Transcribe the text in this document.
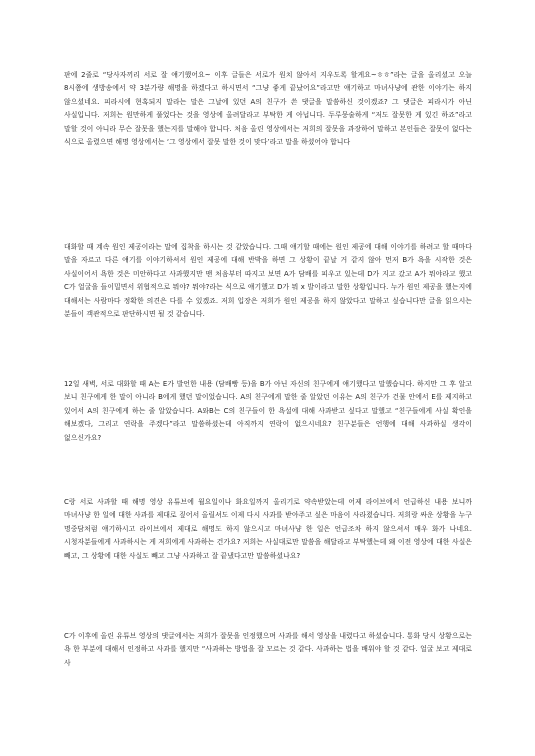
판에 2줄로 “당사자끼리 서로 잘 얘기했어요~ 이후 글들은 서로가 원치 않아서 지우도록 할게요~ㅎㅎ”라는 글을 올리셨고 오늘 8시쯤에 생방송에서 약 3분가량 해명을 하겠다고 하시면서 “그냥 좋게 끝났어요”라고만 얘기하고 마녀사냥에 관한 이야기는 하지 않으셨네요. 피라시에 현혹되지 말라는 말은 그날에 있던 A의 친구가 쓴 댓글을 말씀하신 것이겠죠? 그 댓글은 피라시가 아닌 사실입니다. 저희는 원만하게 풀었다는 것을 영상에 올려달라고 부탁한 게 아닙니다. 두루뭉술하게 “저도 잘못한 게 있긴 하죠”라고 말할 것이 아니라 무슨 잘못을 했는지를 말해야 합니다. 처음 올린 영상에서는 저희의 잘못을 과장하여 말하고 본인들은 잘못이 없다는 식으로 올렸으면 해명 영상에서는 ‘그 영상에서 잘못 말한 것이 맞다’라고 말을 하셨어야 합니다

대화할 때 계속 원인 제공이라는 말에 집착을 하시는 것 같았습니다. 그때 얘기할 때에는 원인 제공에 대해 이야기를 하려고 할 때마다 말을 자르고 다른 얘기를 이야기하셔서 원인 제공에 대해 반박을 하면 그 상황이 끝날 거 같지 않아 먼저 B가 욕을 시작한 것은 사실이어서 욕한 것은 미안하다고 사과했지만 맨 처음부터 따지고 보면 A가 담배를 피우고 있는데 D가 지고 갔고 A가 뭐야라고 했고 C가 얼굴을 들이밀면서 위협적으로 뭐야? 뭐야?라는 식으로 얘기했고 D가 뭐 x 발이라고 말한 상황입니다. 누가 원인 제공을 했는지에 대해서는 사람마다 정확한 의견은 다를 수 있겠죠. 저희 입장은 저희가 원인 제공을 하지 않았다고 말하고 싶습니다만 글을 읽으시는 분들이 객관적으로 판단하시면 될 것 같습니다.

12일 새벽, 서로 대화할 때 A는 E가 발언한 내용 (담배빵 등)을 B가 아닌 자신의 친구에게 얘기했다고 말했습니다. 하지만 그 후 알고 보니 친구에게 한 말이 아니라 B에게 했던 말이었습니다. A의 친구에게 말한 줄 알았던 이유는 A의 친구가 건물 안에서 E를 제지하고 있어서 A의 친구에게 하는 줄 알았습니다. A와B는 C의 친구들이 한 욕설에 대해 사과받고 싶다고 말했고 “친구들에게 사실 확인을 해보겠다, 그리고 연락을 주겠다”라고 말씀하셨는데 아직까지 연락이 없으시네요? 친구분들은 언행에 대해 사과하실 생각이 없으신가요?

C랑 서로 사과할 때 해명 영상 유튜브에 월요일이나 화요일까지 올리기로 약속받았는데 어제 라이브에서 언급하신 내용 보니까 마녀사냥 한 일에 대한 사과를 제대로 짚어서 올릴셔도 이제 다시 사과를 받아주고 싶은 마음이 사라졌습니다. 저희랑 싸운 상황을 누구 명중담처럼 얘기하시고 라이브에서 제대로 해명도 하지 않으시고 마녀사냥 한 일은 언급조차 하지 않으셔서 매우 화가 나네요. 시청자분들에게 사과하시는 게 저희에게 사과하는 건가요? 저희는 사실대로만 말씀을 해달라고 부탁했는데 왜 이전 영상에 대한 사실은 빼고, 그 상황에 대한 사실도 빼고 그냥 사과하고 잘 끝냈다고만 말씀하셨나요?

C가 이후에 올린 유튜브 영상의 댓글에서는 저희가 잘못을 인정했으며 사과를 해서 영상을 내렸다고 하셨습니다. 통화 당시 상황으로는 욕 한 부분에 대해서 인정하고 사과를 했지만 “사과하는 방법을 잘 모르는 것 같다. 사과하는 법을 배워야 할 것 같다. 얼굴 보고 제대로 사
